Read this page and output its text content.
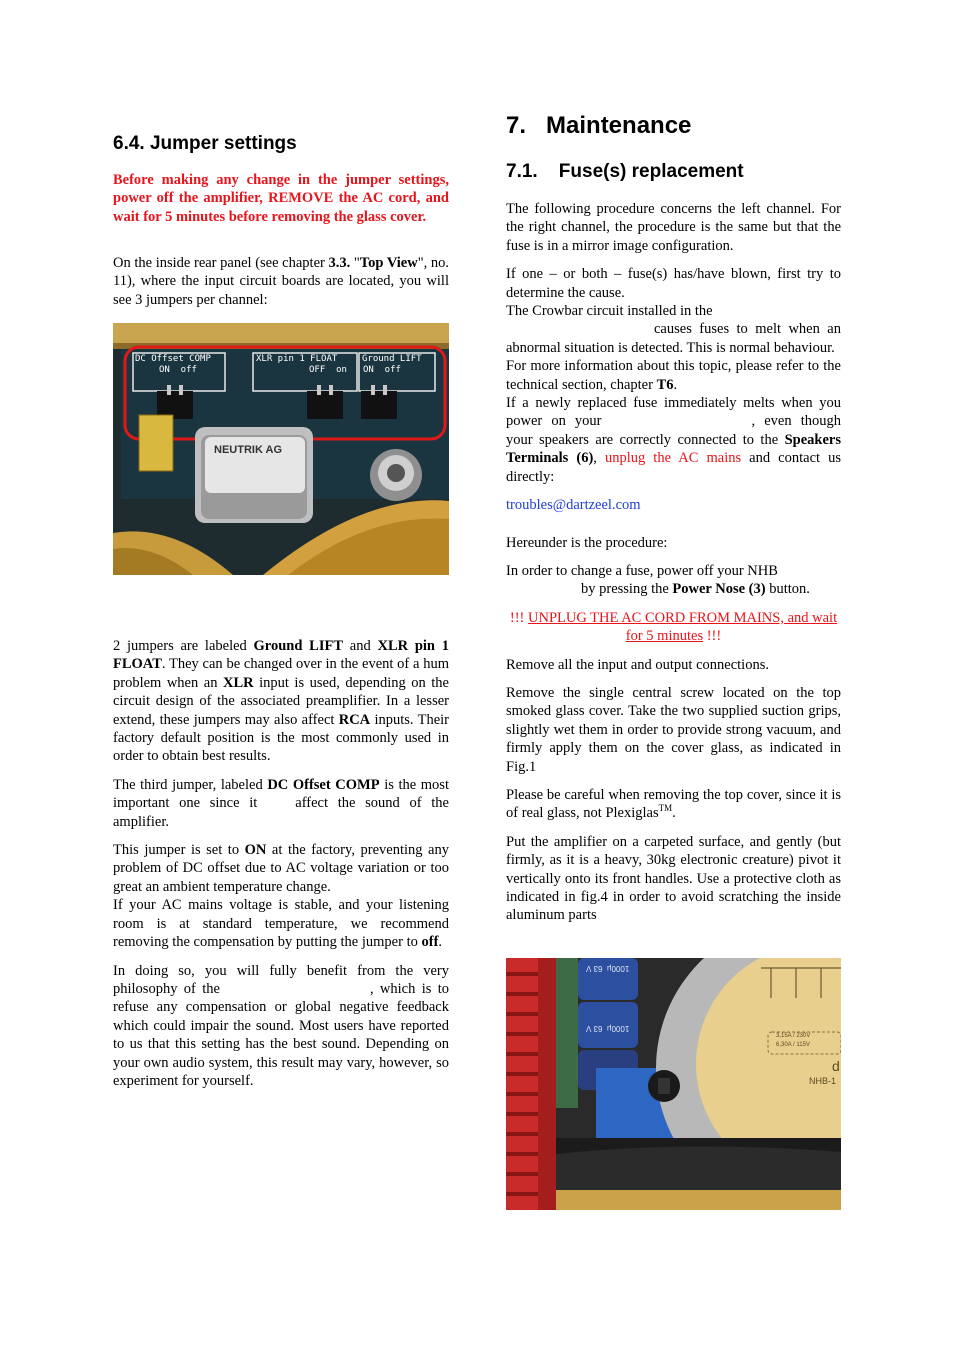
6.4. Jumper settings

Before making any change in the jumper settings, power off the amplifier, REMOVE the AC cord, and wait for 5 minutes before removing the glass cover.

On the inside rear panel (see chapter 3.3. "Top View", no. 11), where the input circuit boards are located, you will see 3 jumpers per channel:

DC Offset COMP
ON  off
XLR pin 1 FLOAT
OFF  on
Ground LIFT
ON  off
NEUTRIK AG

2 jumpers are labeled Ground LIFT and XLR pin 1 FLOAT. They can be changed over in the event of a hum problem when an XLR input is used, depending on the circuit design of the associated preamplifier. In a lesser extend, these jumpers may also affect RCA inputs. Their factory default position is the most commonly used in order to obtain best results.

The third jumper, labeled DC Offset COMP is the most important one since it	affect the sound of the amplifier.

This jumper is set to ON at the factory, preventing any problem of DC offset due to AC voltage variation or too great an ambient temperature change.
If your AC mains voltage is stable, and your listening room is at standard temperature, we recommend removing the compensation by putting the jumper to off.

In doing so, you will fully benefit from the very philosophy of the	, which is to refuse any compensation or global negative feedback which could impair the sound. Most users have reported to us that this setting has the best sound. Depending on your own audio system, this result may vary, however, so experiment for yourself.

7.   Maintenance
7.1.    Fuse(s) replacement

The following procedure concerns the left channel. For the right channel, the procedure is the same but that the fuse is in a mirror image configuration.

If one – or both – fuse(s) has/have blown, first try to determine the cause.
The Crowbar circuit installed in the
causes fuses to melt when an abnormal situation is detected. This is normal behaviour.
For more information about this topic, please refer to the technical section, chapter T6.
If a newly replaced fuse immediately melts when you power on your	, even though your speakers are correctly connected to the Speakers Terminals (6), unplug the AC mains and contact us directly:

troubles@dartzeel.com

Hereunder is the procedure:

In order to change a fuse, power off your NHB
by pressing the Power Nose (3) button.

!!! UNPLUG THE AC CORD FROM MAINS, and wait for 5 minutes !!!

Remove all the input and output connections.

Remove the single central screw located on the top smoked glass cover. Take the two supplied suction grips, slightly wet them in order to provide strong vacuum, and firmly apply them on the cover glass, as indicated in Fig.1

Please be careful when removing the top cover, since it is of real glass, not Plexiglas™.

Put the amplifier on a carpeted surface, and gently (but firmly, as it is a heavy, 30kg electronic creature) pivot it vertically onto its front handles. Use a protective cloth as indicated in fig.4 in order to avoid scratching the inside aluminum parts

1000μ  63 V
1000μ  63 V
3,15A / 230V
6,30A / 115V
d
NHB-1
